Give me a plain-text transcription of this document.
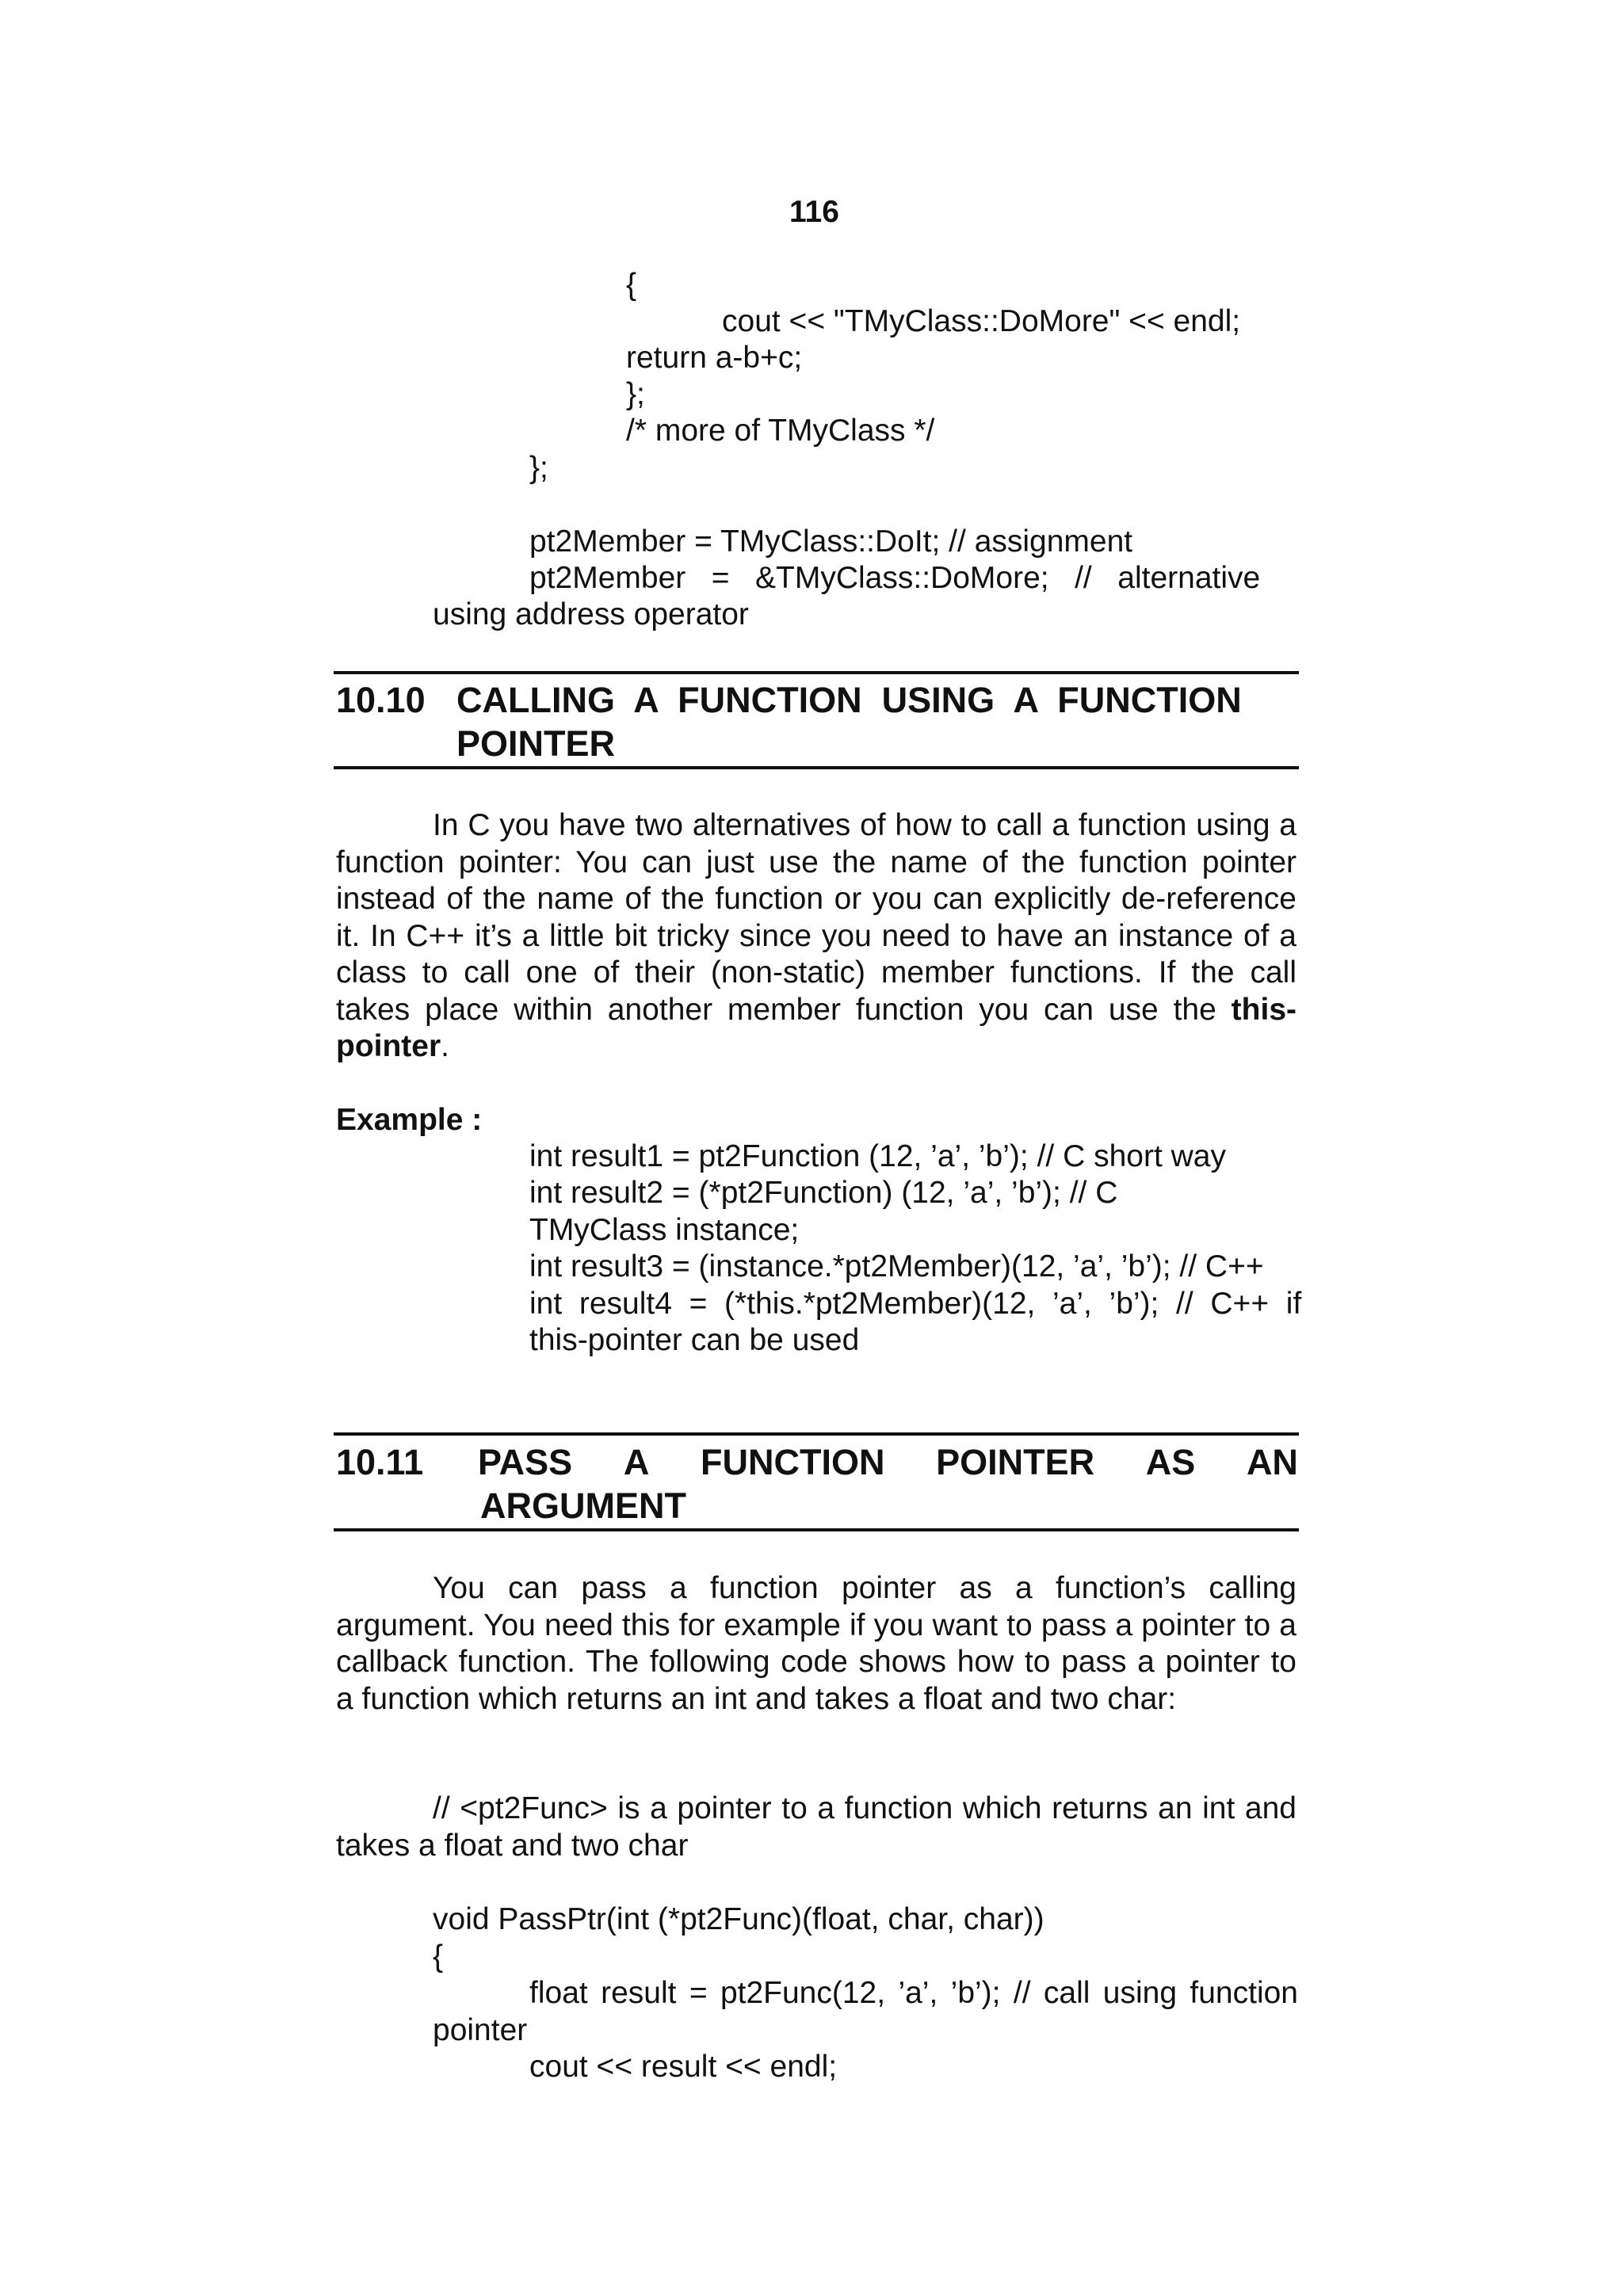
116
{
cout << "TMyClass::DoMore" << endl;
return a-b+c;
};
/* more of TMyClass */
};
pt2Member = TMyClass::DoIt; // assignment
pt2Member   =   &TMyClass::DoMore;   //   alternative
using address operator
10.10 CALLING  A  FUNCTION  USING  A  FUNCTION
POINTER
In C you have two alternatives of how to call a function using a function pointer: You can just use the name of the function pointer instead of the name of the function or you can explicitly de-reference it. In C++ it’s a little bit tricky since you need to have an instance of a class to call one of their (non-static) member functions. If the call takes place within another member function you can use the this-pointer.
Example :
int result1 = pt2Function (12, ’a’, ’b’); // C short way
int result2 = (*pt2Function) (12, ’a’, ’b’); // C
TMyClass instance;
int result3 = (instance.*pt2Member)(12, ’a’, ’b’); // C++
int  result4  =  (*this.*pt2Member)(12,  ’a’,  ’b’);  //  C++  if
this-pointer can be used
10.11 PASS A FUNCTION POINTER AS AN
ARGUMENT
You can pass a function pointer as a function’s calling argument. You need this for example if you want to pass a pointer to a callback function. The following code shows how to pass a pointer to a function which returns an int and takes a float and two char:
// <pt2Func> is a pointer to a function which returns an int and takes a float and two char
void PassPtr(int (*pt2Func)(float, char, char))
{
float result = pt2Func(12, ’a’, ’b’); // call using function
pointer
cout << result << endl;
